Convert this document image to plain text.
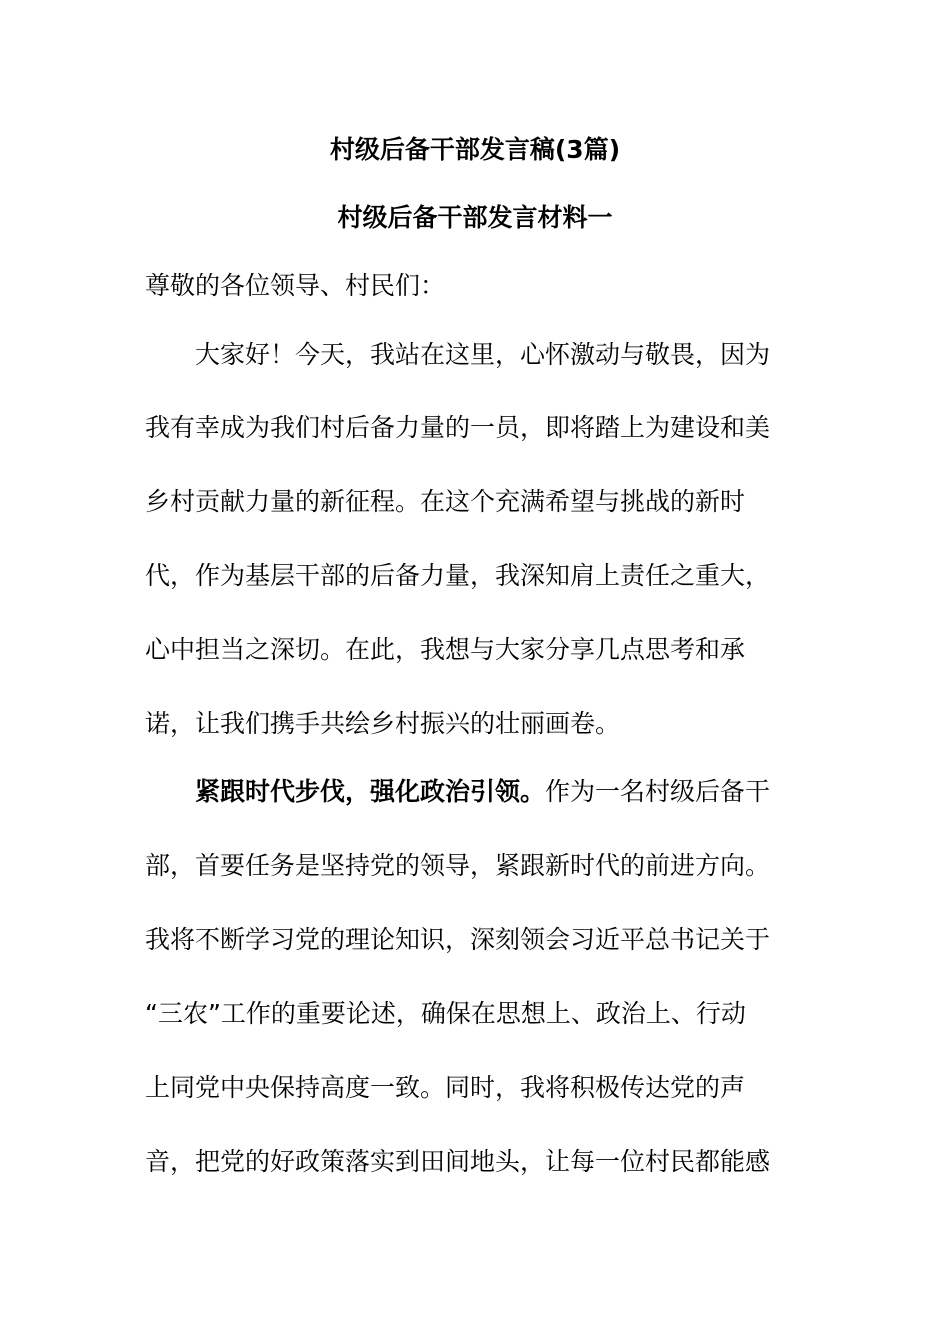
村级后备干部发言稿(3篇)
村级后备干部发言材料一
尊敬的各位领导、村民们：
大家好！今天，我站在这里，心怀激动与敬畏，因为
我有幸成为我们村后备力量的一员，即将踏上为建设和美
乡村贡献力量的新征程。在这个充满希望与挑战的新时
代，作为基层干部的后备力量，我深知肩上责任之重大，
心中担当之深切。在此，我想与大家分享几点思考和承
诺，让我们携手共绘乡村振兴的壮丽画卷。
紧跟时代步伐，强化政治引领。作为一名村级后备干
部，首要任务是坚持党的领导，紧跟新时代的前进方向。
我将不断学习党的理论知识，深刻领会习近平总书记关于
“三农”工作的重要论述，确保在思想上、政治上、行动
上同党中央保持高度一致。同时，我将积极传达党的声
音，把党的好政策落实到田间地头，让每一位村民都能感
